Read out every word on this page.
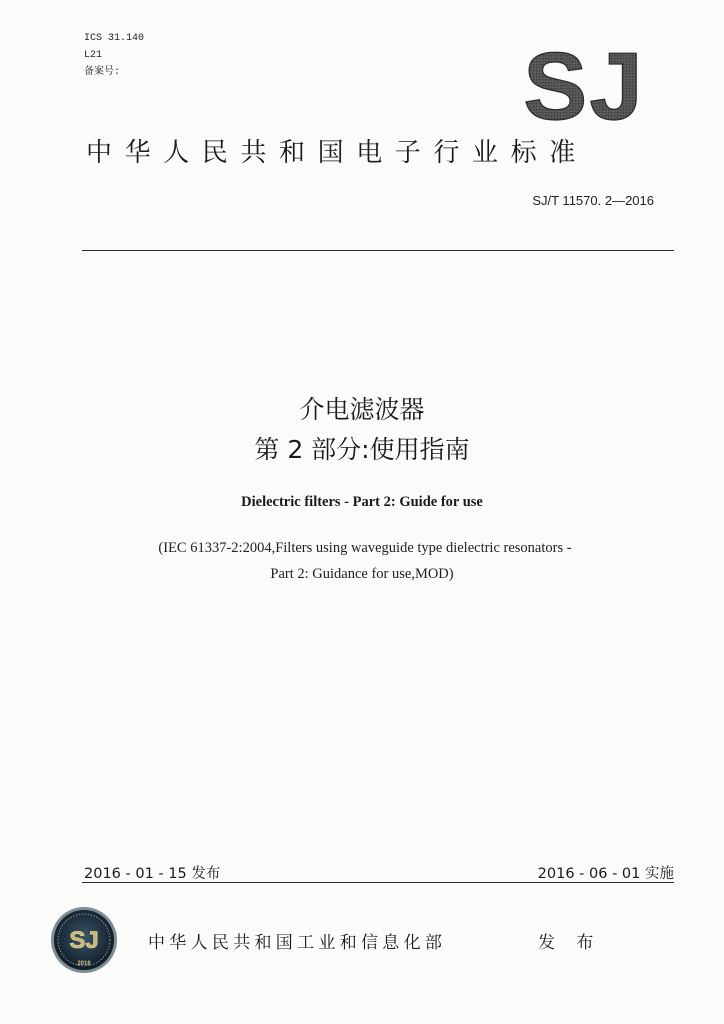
ICS 31.140
L21
备案号:	SJ
中华人民共和国电子行业标准
SJ/T 11570. 2—2016
介电滤波器
第 2 部分:使用指南
Dielectric filters - Part 2: Guide for use
(IEC 61337-2:2004,Filters using waveguide type dielectric resonators -
Part 2: Guidance for use,MOD)
2016 - 01 - 15 发布	2016 - 06 - 01 实施
SJ
2016
中华人民共和国工业和信息化部	发 布
